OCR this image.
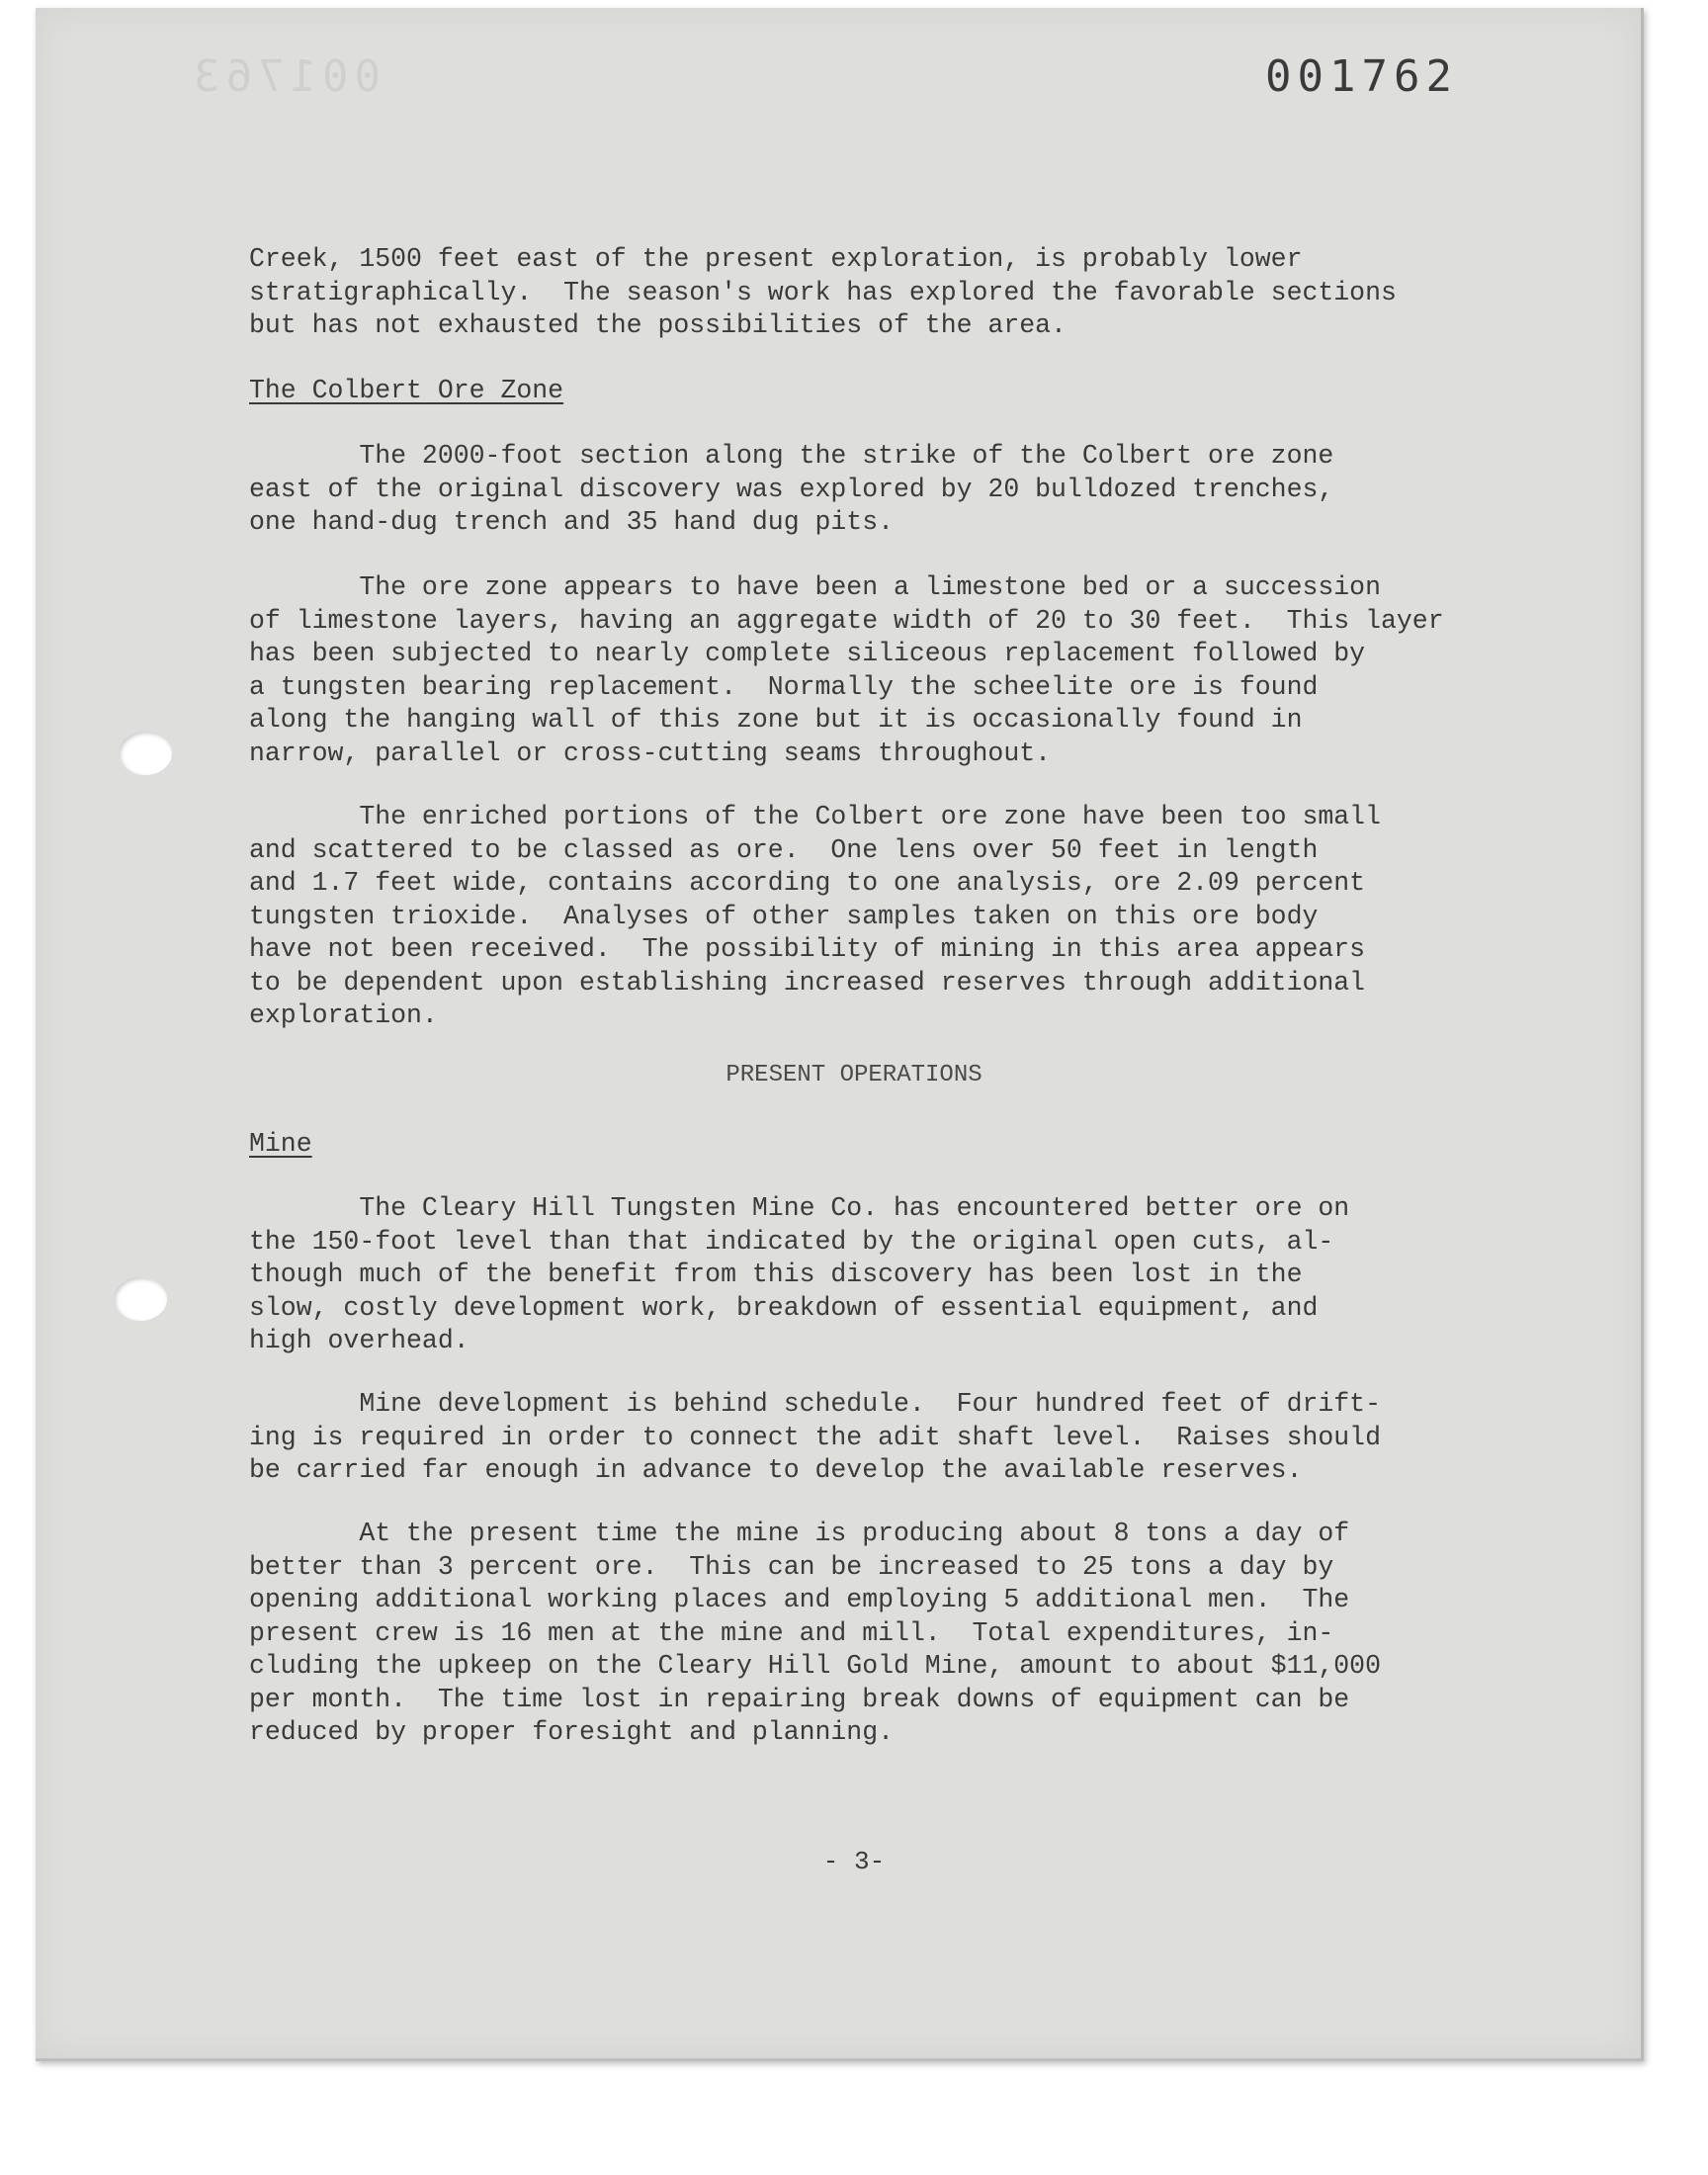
001763	001762
Creek, 1500 feet east of the present exploration, is probably lower
stratigraphically.  The season's work has explored the favorable sections
but has not exhausted the possibilities of the area.
The Colbert Ore Zone
The 2000-foot section along the strike of the Colbert ore zone
east of the original discovery was explored by 20 bulldozed trenches,
one hand-dug trench and 35 hand dug pits.
The ore zone appears to have been a limestone bed or a succession
of limestone layers, having an aggregate width of 20 to 30 feet.  This layer
has been subjected to nearly complete siliceous replacement followed by
a tungsten bearing replacement.  Normally the scheelite ore is found
along the hanging wall of this zone but it is occasionally found in
narrow, parallel or cross-cutting seams throughout.
The enriched portions of the Colbert ore zone have been too small
and scattered to be classed as ore.  One lens over 50 feet in length
and 1.7 feet wide, contains according to one analysis, ore 2.09 percent
tungsten trioxide.  Analyses of other samples taken on this ore body
have not been received.  The possibility of mining in this area appears
to be dependent upon establishing increased reserves through additional
exploration.
PRESENT OPERATIONS
Mine
The Cleary Hill Tungsten Mine Co. has encountered better ore on
the 150-foot level than that indicated by the original open cuts, al-
though much of the benefit from this discovery has been lost in the
slow, costly development work, breakdown of essential equipment, and
high overhead.
Mine development is behind schedule.  Four hundred feet of drift-
ing is required in order to connect the adit shaft level.  Raises should
be carried far enough in advance to develop the available reserves.
At the present time the mine is producing about 8 tons a day of
better than 3 percent ore.  This can be increased to 25 tons a day by
opening additional working places and employing 5 additional men.  The
present crew is 16 men at the mine and mill.  Total expenditures, in-
cluding the upkeep on the Cleary Hill Gold Mine, amount to about $11,000
per month.  The time lost in repairing break downs of equipment can be
reduced by proper foresight and planning.
- 3-
